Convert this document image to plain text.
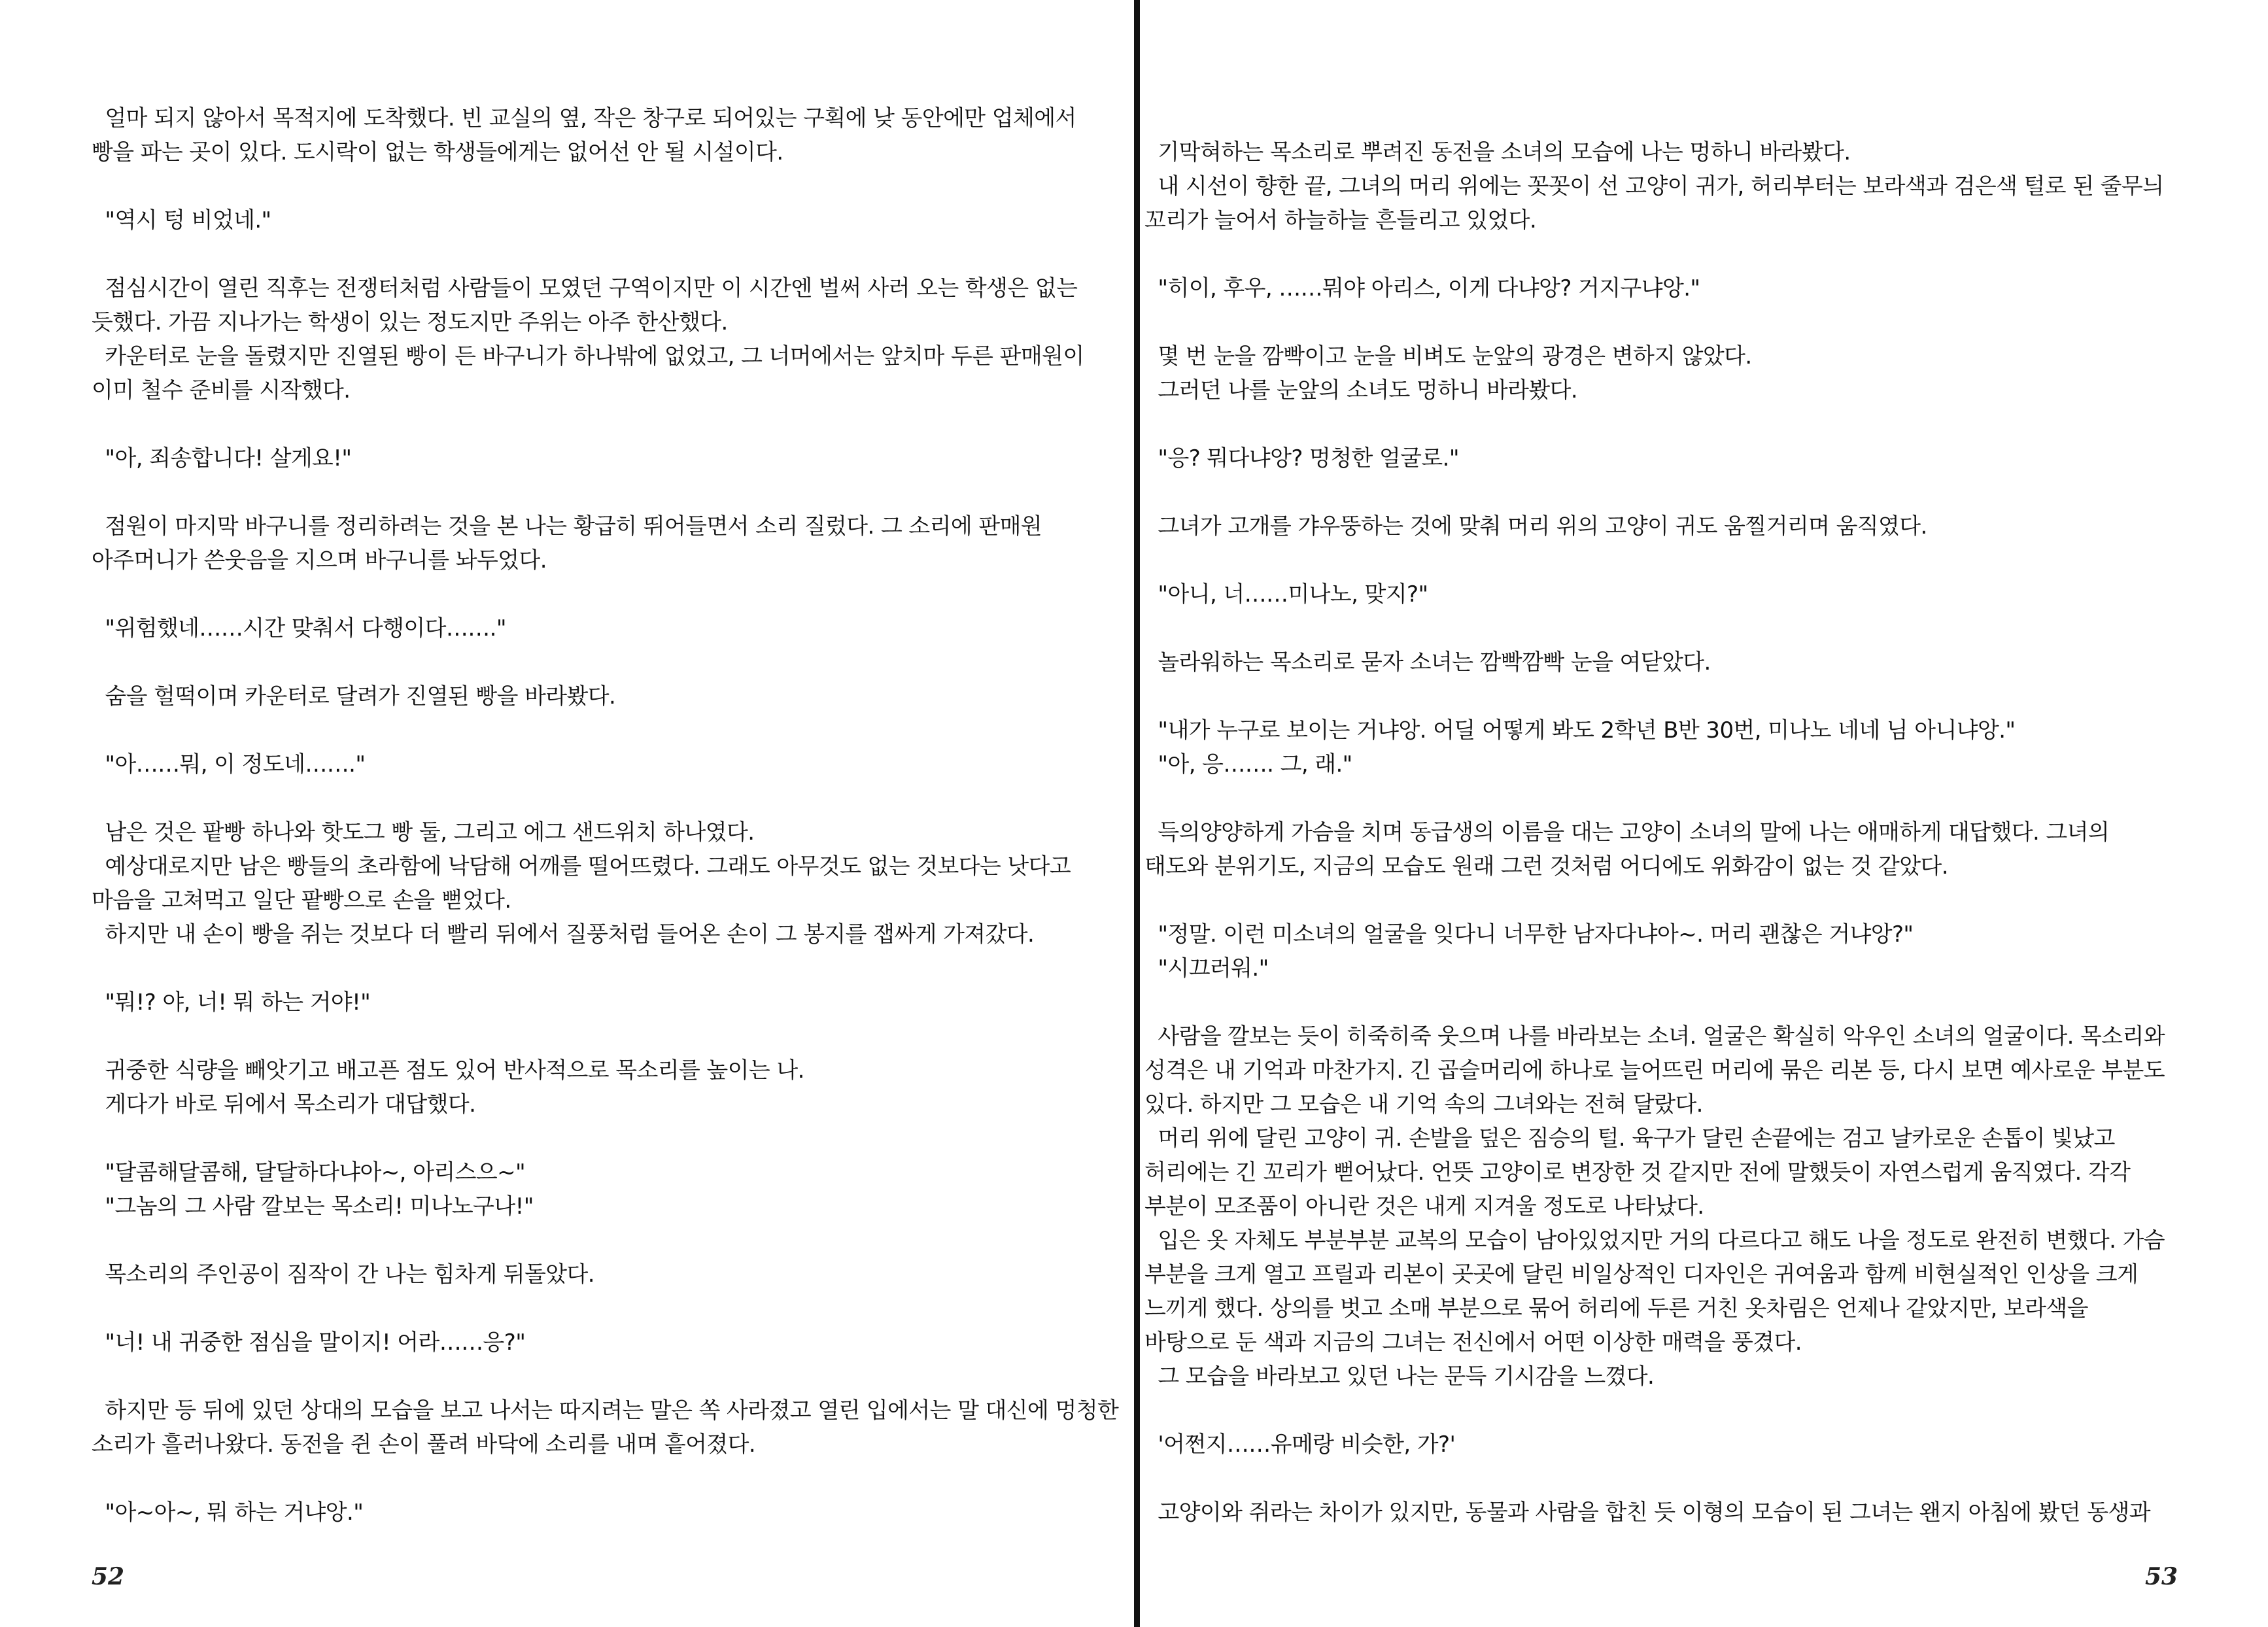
얼마 되지 않아서 목적지에 도착했다. 빈 교실의 옆, 작은 창구로 되어있는 구획에 낮 동안에만 업체에서
빵을 파는 곳이 있다. 도시락이 없는 학생들에게는 없어선 안 될 시설이다.
"역시 텅 비었네."
점심시간이 열린 직후는 전쟁터처럼 사람들이 모였던 구역이지만 이 시간엔 벌써 사러 오는 학생은 없는
듯했다. 가끔 지나가는 학생이 있는 정도지만 주위는 아주 한산했다.
카운터로 눈을 돌렸지만 진열된 빵이 든 바구니가 하나밖에 없었고, 그 너머에서는 앞치마 두른 판매원이
이미 철수 준비를 시작했다.
"아, 죄송합니다! 살게요!"
점원이 마지막 바구니를 정리하려는 것을 본 나는 황급히 뛰어들면서 소리 질렀다. 그 소리에 판매원
아주머니가 쓴웃음을 지으며 바구니를 놔두었다.
"위험했네……시간 맞춰서 다행이다……."
숨을 헐떡이며 카운터로 달려가 진열된 빵을 바라봤다.
"아……뭐, 이 정도네……."
남은 것은 팥빵 하나와 핫도그 빵 둘, 그리고 에그 샌드위치 하나였다.
예상대로지만 남은 빵들의 초라함에 낙담해 어깨를 떨어뜨렸다. 그래도 아무것도 없는 것보다는 낫다고
마음을 고쳐먹고 일단 팥빵으로 손을 뻗었다.
하지만 내 손이 빵을 쥐는 것보다 더 빨리 뒤에서 질풍처럼 들어온 손이 그 봉지를 잽싸게 가져갔다.
"뭐!? 야, 너! 뭐 하는 거야!"
귀중한 식량을 빼앗기고 배고픈 점도 있어 반사적으로 목소리를 높이는 나.
게다가 바로 뒤에서 목소리가 대답했다.
"달콤해달콤해, 달달하다냐아~, 아리스으~"
"그놈의 그 사람 깔보는 목소리! 미나노구나!"
목소리의 주인공이 짐작이 간 나는 힘차게 뒤돌았다.
"너! 내 귀중한 점심을 말이지! 어라……응?"
하지만 등 뒤에 있던 상대의 모습을 보고 나서는 따지려는 말은 쏙 사라졌고 열린 입에서는 말 대신에 멍청한
소리가 흘러나왔다. 동전을 쥔 손이 풀려 바닥에 소리를 내며 흩어졌다.
"아~아~, 뭐 하는 거냐앙."
52
기막혀하는 목소리로 뿌려진 동전을 소녀의 모습에 나는 멍하니 바라봤다.
내 시선이 향한 끝, 그녀의 머리 위에는 꼿꼿이 선 고양이 귀가, 허리부터는 보라색과 검은색 털로 된 줄무늬
꼬리가 늘어서 하늘하늘 흔들리고 있었다.
"히이, 후우, ……뭐야 아리스, 이게 다냐앙? 거지구냐앙."
몇 번 눈을 깜빡이고 눈을 비벼도 눈앞의 광경은 변하지 않았다.
그러던 나를 눈앞의 소녀도 멍하니 바라봤다.
"응? 뭐다냐앙? 멍청한 얼굴로."
그녀가 고개를 갸우뚱하는 것에 맞춰 머리 위의 고양이 귀도 움찔거리며 움직였다.
"아니, 너……미나노, 맞지?"
놀라워하는 목소리로 묻자 소녀는 깜빡깜빡 눈을 여닫았다.
"내가 누구로 보이는 거냐앙. 어딜 어떻게 봐도 2학년 B반 30번, 미나노 네네 님 아니냐앙."
"아, 응……. 그, 래."
득의양양하게 가슴을 치며 동급생의 이름을 대는 고양이 소녀의 말에 나는 애매하게 대답했다. 그녀의
태도와 분위기도, 지금의 모습도 원래 그런 것처럼 어디에도 위화감이 없는 것 같았다.
"정말. 이런 미소녀의 얼굴을 잊다니 너무한 남자다냐아~. 머리 괜찮은 거냐앙?"
"시끄러워."
사람을 깔보는 듯이 히죽히죽 웃으며 나를 바라보는 소녀. 얼굴은 확실히 악우인 소녀의 얼굴이다. 목소리와
성격은 내 기억과 마찬가지. 긴 곱슬머리에 하나로 늘어뜨린 머리에 묶은 리본 등, 다시 보면 예사로운 부분도
있다. 하지만 그 모습은 내 기억 속의 그녀와는 전혀 달랐다.
머리 위에 달린 고양이 귀. 손발을 덮은 짐승의 털. 육구가 달린 손끝에는 검고 날카로운 손톱이 빛났고
허리에는 긴 꼬리가 뻗어났다. 언뜻 고양이로 변장한 것 같지만 전에 말했듯이 자연스럽게 움직였다. 각각
부분이 모조품이 아니란 것은 내게 지겨울 정도로 나타났다.
입은 옷 자체도 부분부분 교복의 모습이 남아있었지만 거의 다르다고 해도 나을 정도로 완전히 변했다. 가슴
부분을 크게 열고 프릴과 리본이 곳곳에 달린 비일상적인 디자인은 귀여움과 함께 비현실적인 인상을 크게
느끼게 했다. 상의를 벗고 소매 부분으로 묶어 허리에 두른 거친 옷차림은 언제나 같았지만, 보라색을
바탕으로 둔 색과 지금의 그녀는 전신에서 어떤 이상한 매력을 풍겼다.
그 모습을 바라보고 있던 나는 문득 기시감을 느꼈다.
'어쩐지……유메랑 비슷한, 가?'
고양이와 쥐라는 차이가 있지만, 동물과 사람을 합친 듯 이형의 모습이 된 그녀는 왠지 아침에 봤던 동생과
53
